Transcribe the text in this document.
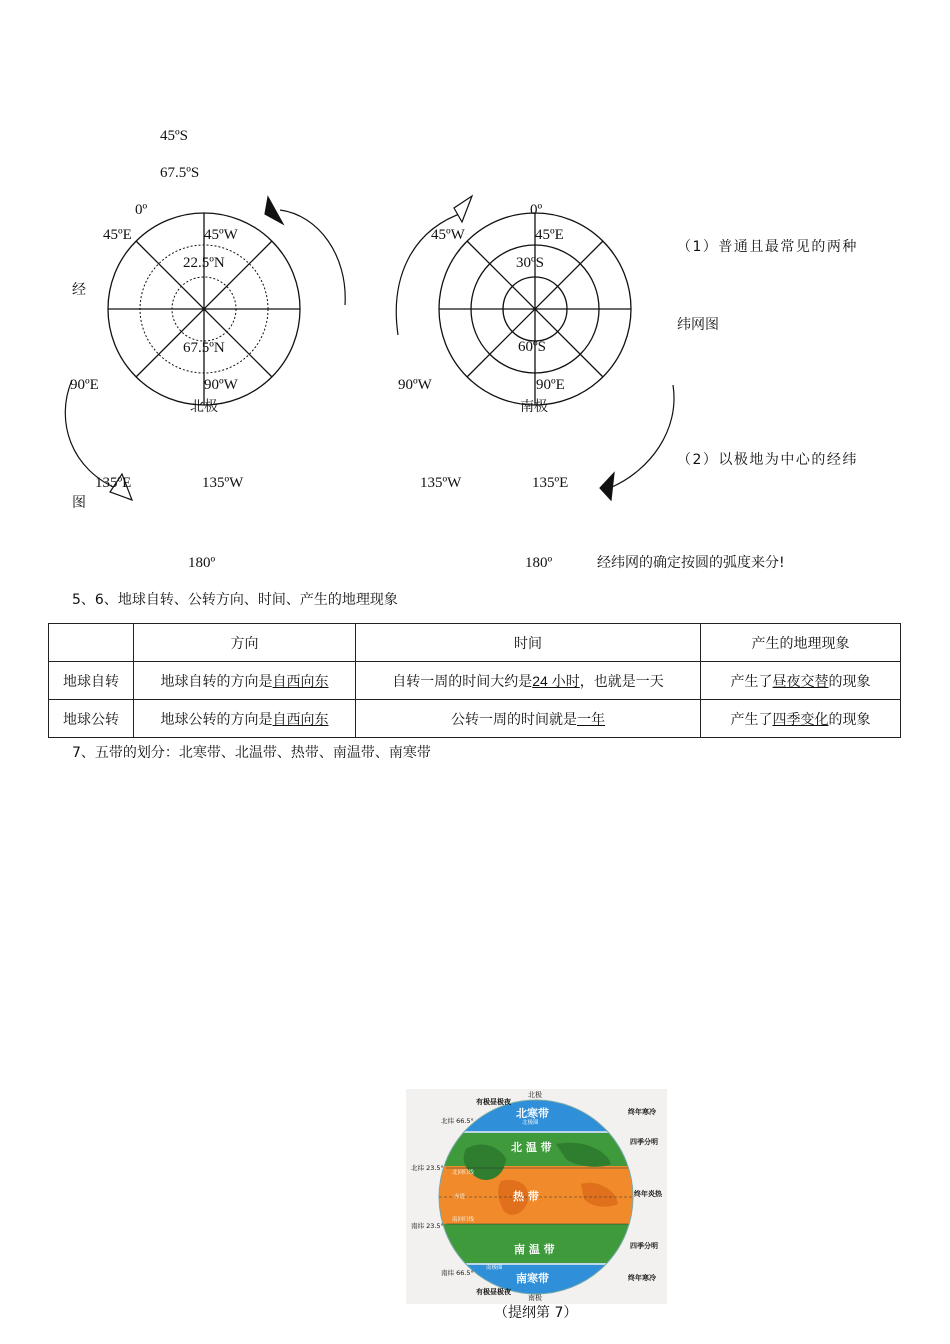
45ºS
67.5ºS
0º
45ºE	45ºW
22.5ºN
经
67.5ºN
90ºE	90ºW
北极
135ºE	135ºW
图
180º
0º
45ºW	45ºE
30ºS
60ºS
90ºW	90ºE
南极
135ºW	135ºE
180º
（1）普通且最常见的两种
纬网图
（2）以极地为中心的经纬
经纬网的确定按圆的弧度来分!
5、6、地球自转、公转方向、时间、产生的地理现象
	方向	时间	产生的地理现象
地球自转	地球自转的方向是自西向东	自转一周的时间大约是24 小时，也就是一天	产生了昼夜交替的现象
地球公转	地球公转的方向是自西向东	公转一周的时间就是一年	产生了四季变化的现象
7、五带的划分：北寒带、北温带、热带、南温带、南寒带
北极
有极昼极夜
北寒带
北纬 66.5°	北极圈
北 温 带
北纬 23.5°
北回归线
热 带
赤道
南纬 23.5°
南回归线
南 温 带
南极圈
南纬 66.5°	南寒带
有极昼极夜
南极
终年寒冷
四季分明
终年炎热
四季分明
终年寒冷
（提纲第 7）
